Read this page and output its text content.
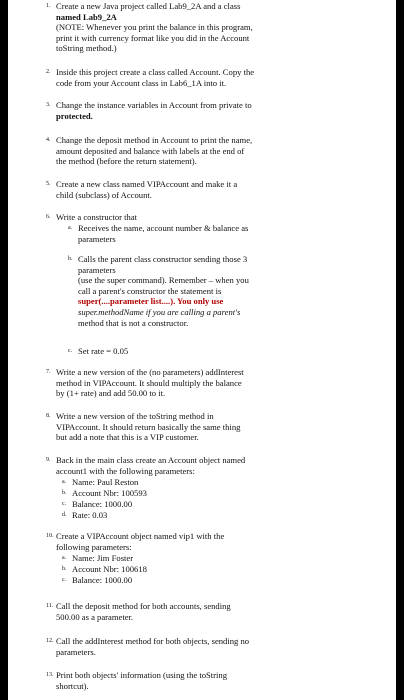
1. Create a new Java project called Lab9_2A and a class
named Lab9_2A
(NOTE: Whenever you print the balance in this program,
print it with currency format like you did in the Account
toString method.)
2. Inside this project create a class called Account. Copy the
code from your Account class in Lab6_1A into it.
3. Change the instance variables in Account from private to
protected.
4. Change the deposit method in Account to print the name,
amount deposited and balance with labels at the end of
the method (before the return statement).
5. Create a new class named VIPAccount and make it a
child (subclass) of Account.
6. Write a constructor that
a. Receives the name, account number & balance as
parameters
b. Calls the parent class constructor sending those 3
parameters
(use the super command). Remember – when you
call a parent's constructor the statement is
super(....parameter list....). You only use
super.methodName if you are calling a parent's
method that is not a constructor.
c. Set rate = 0.05
7. Write a new version of the (no parameters) addInterest
method in VIPAccount. It should multiply the balance
by (1+ rate) and add 50.00 to it.
8. Write a new version of the toString method in
VIPAccount. It should return basically the same thing
but add a note that this is a VIP customer.
9. Back in the main class create an Account object named
account1 with the following parameters:
a. Name: Paul Reston
b. Account Nbr: 100593
c. Balance: 1000.00
d. Rate: 0.03
10. Create a VIPAccount object named vip1 with the
following parameters:
a. Name: Jim Foster
b. Account Nbr: 100618
c. Balance: 1000.00
11. Call the deposit method for both accounts, sending
500.00 as a parameter.
12. Call the addInterest method for both objects, sending no
parameters.
13. Print both objects' information (using the toString
shortcut).
